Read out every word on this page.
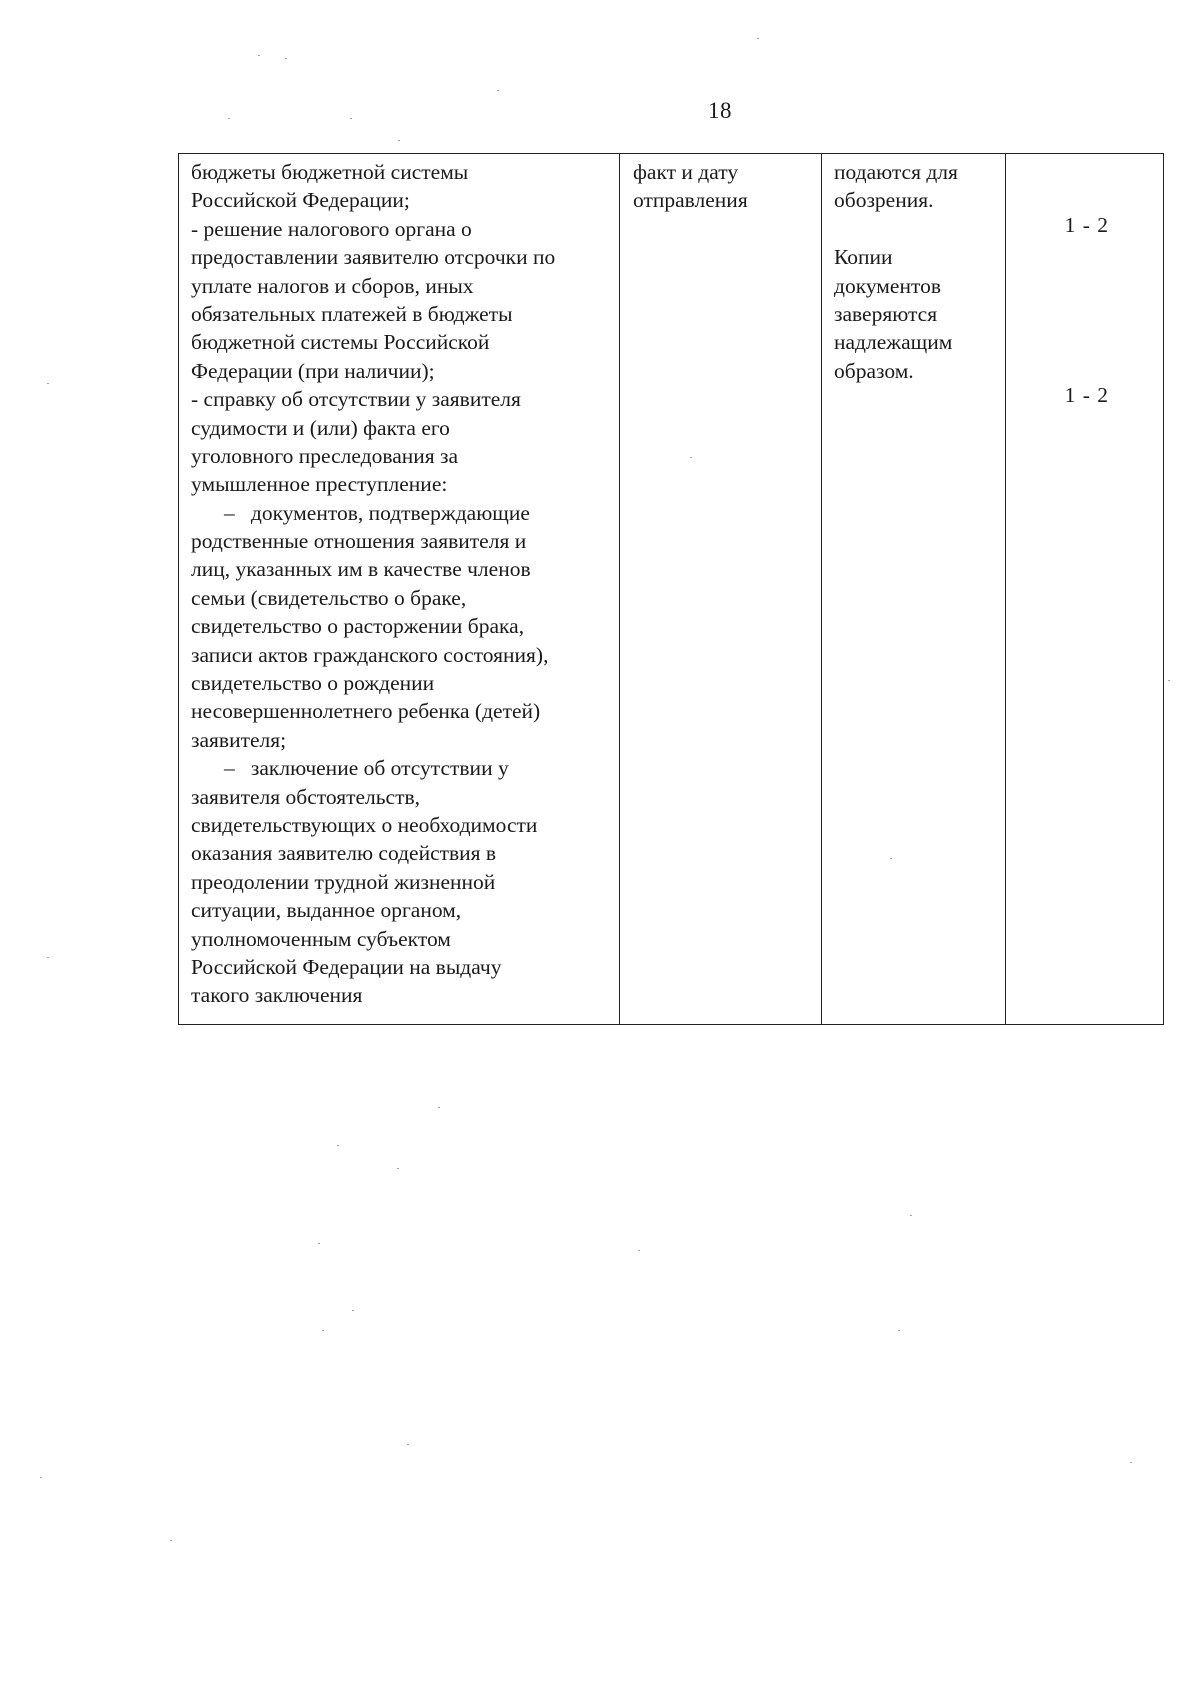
18
бюджеты бюджетной системы
Российской Федерации;
- решение налогового органа о
предоставлении заявителю отсрочки по
уплате налогов и сборов, иных
обязательных платежей в бюджеты
бюджетной системы Российской
Федерации (при наличии);
- справку об отсутствии у заявителя
судимости и (или) факта его
уголовного преследования за
умышленное преступление:
–   документов, подтверждающие
родственные отношения заявителя и
лиц, указанных им в качестве членов
семьи (свидетельство о браке,
свидетельство о расторжении брака,
записи актов гражданского состояния),
свидетельство о рождении
несовершеннолетнего ребенка (детей)
заявителя;
–   заключение об отсутствии у
заявителя обстоятельств,
свидетельствующих о необходимости
оказания заявителю содействия в
преодолении трудной жизненной
ситуации, выданное органом,
уполномоченным субъектом
Российской Федерации на выдачу
такого заключения
факт и дату
отправления
подаются для
обозрения.
Копии
документов
заверяются
надлежащим
образом.
1 - 2
1 - 2
